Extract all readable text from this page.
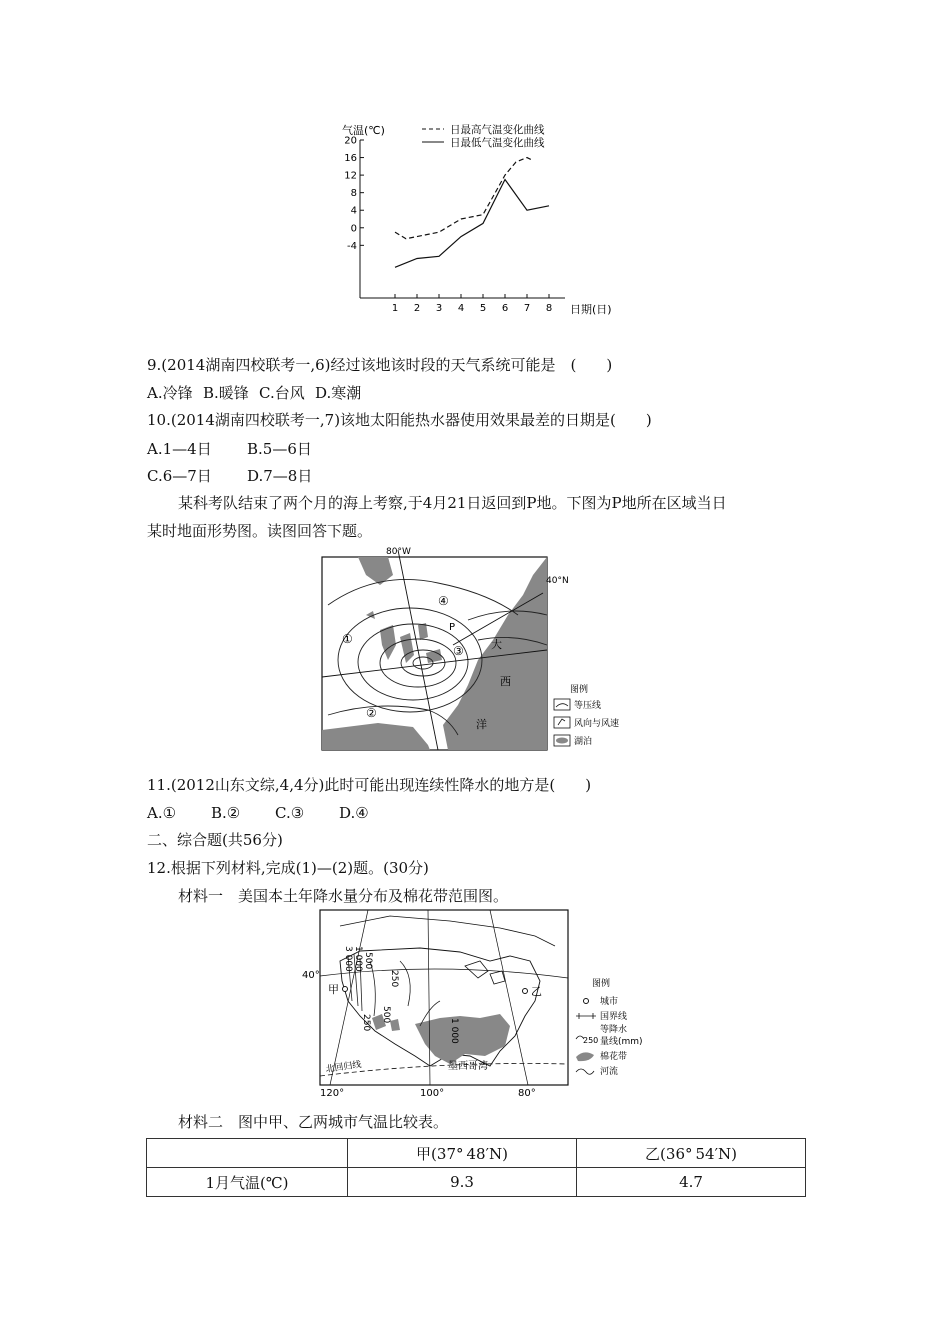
20
16
12
8
4
0
-4
1 2 3 4 5 6 7 8
气温(℃)
日期(日)
日最高气温变化曲线
日最低气温变化曲线
9.(2014湖南四校联考一,6)经过该地该时段的天气系统可能是　(　　)
A.冷锋 B.暖锋 C.台风 D.寒潮
10.(2014湖南四校联考一,7)该地太阳能热水器使用效果最差的日期是(　　)
A.1—4日 B.5—6日
C.6—7日 D.7—8日
某科考队结束了两个月的海上考察,于4月21日返回到P地。下图为P地所在区域当日
某时地面形势图。读图回答下题。
80°W
40°N
P
①
②
③
④
大
西
洋
图例
等压线
风向与风速
湖泊
11.(2012山东文综,4,4分)此时可能出现连续性降水的地方是(　　)
A.① B.② C.③ D.④
二、综合题(共56分)
12.根据下列材料,完成(1)—(2)题。(30分)
材料一　美国本土年降水量分布及棉花带范围图。
40°
120°	100°	80°
甲	乙
3 000 1 000 500
250
250 500
1 000
墨西哥湾
北回归线
图例
城市
国界线
等降水
250 量线(mm)
棉花带
河流
材料二　图中甲、乙两城市气温比较表。
	甲(37° 48′N)	乙(36° 54′N)
1月气温(℃)	9.3	4.7
